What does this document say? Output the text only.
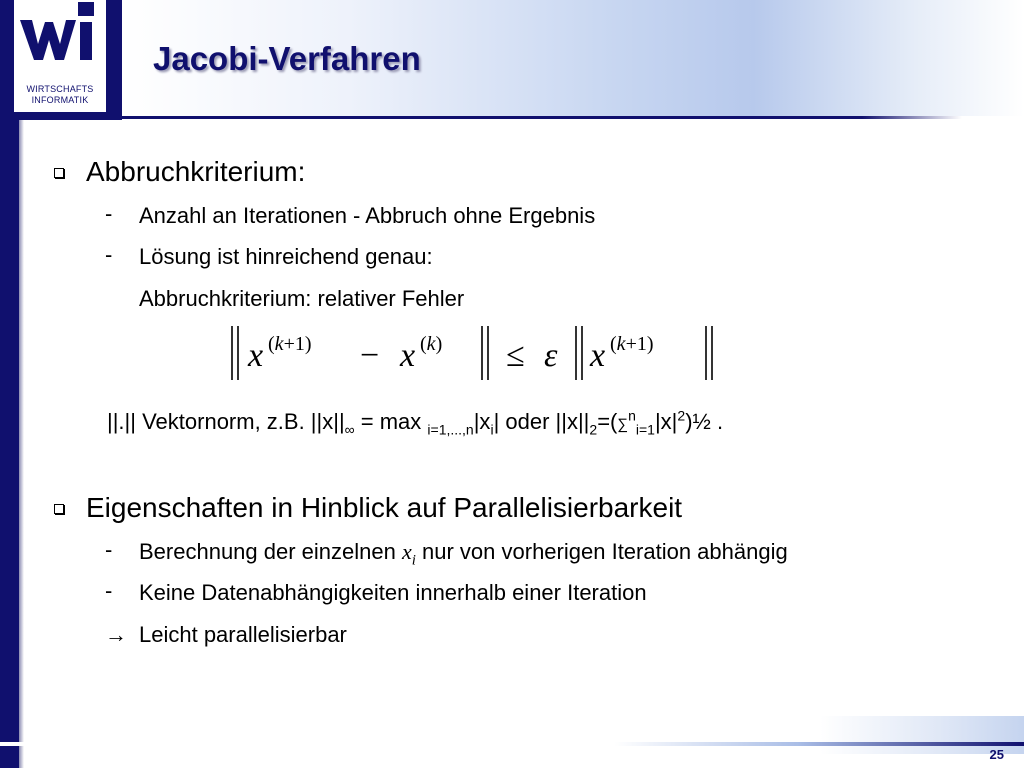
WIRTSCHAFTS
INFORMATIK
Jacobi-Verfahren
Abbruchkriterium:
- Anzahl an Iterationen - Abbruch ohne Ergebnis
- Lösung ist hinreichend genau:
Abbruchkriterium: relativer Fehler
x (k+1) − x (k) ≤ ε x (k+1)
||.|| Vektornorm, z.B. $||x||_\infty = \max _{i=1,...,n}|x_i|$ oder $||x||_2=(\sum^n_{i=1}|x|^2)\frac{1}{2}$ .
Eigenschaften in Hinblick auf Parallelisierbarkeit
- Berechnung der einzelnen $x_i$ nur von vorherigen Iteration abhängig
- Keine Datenabhängigkeiten innerhalb einer Iteration
→ Leicht parallelisierbar
25
